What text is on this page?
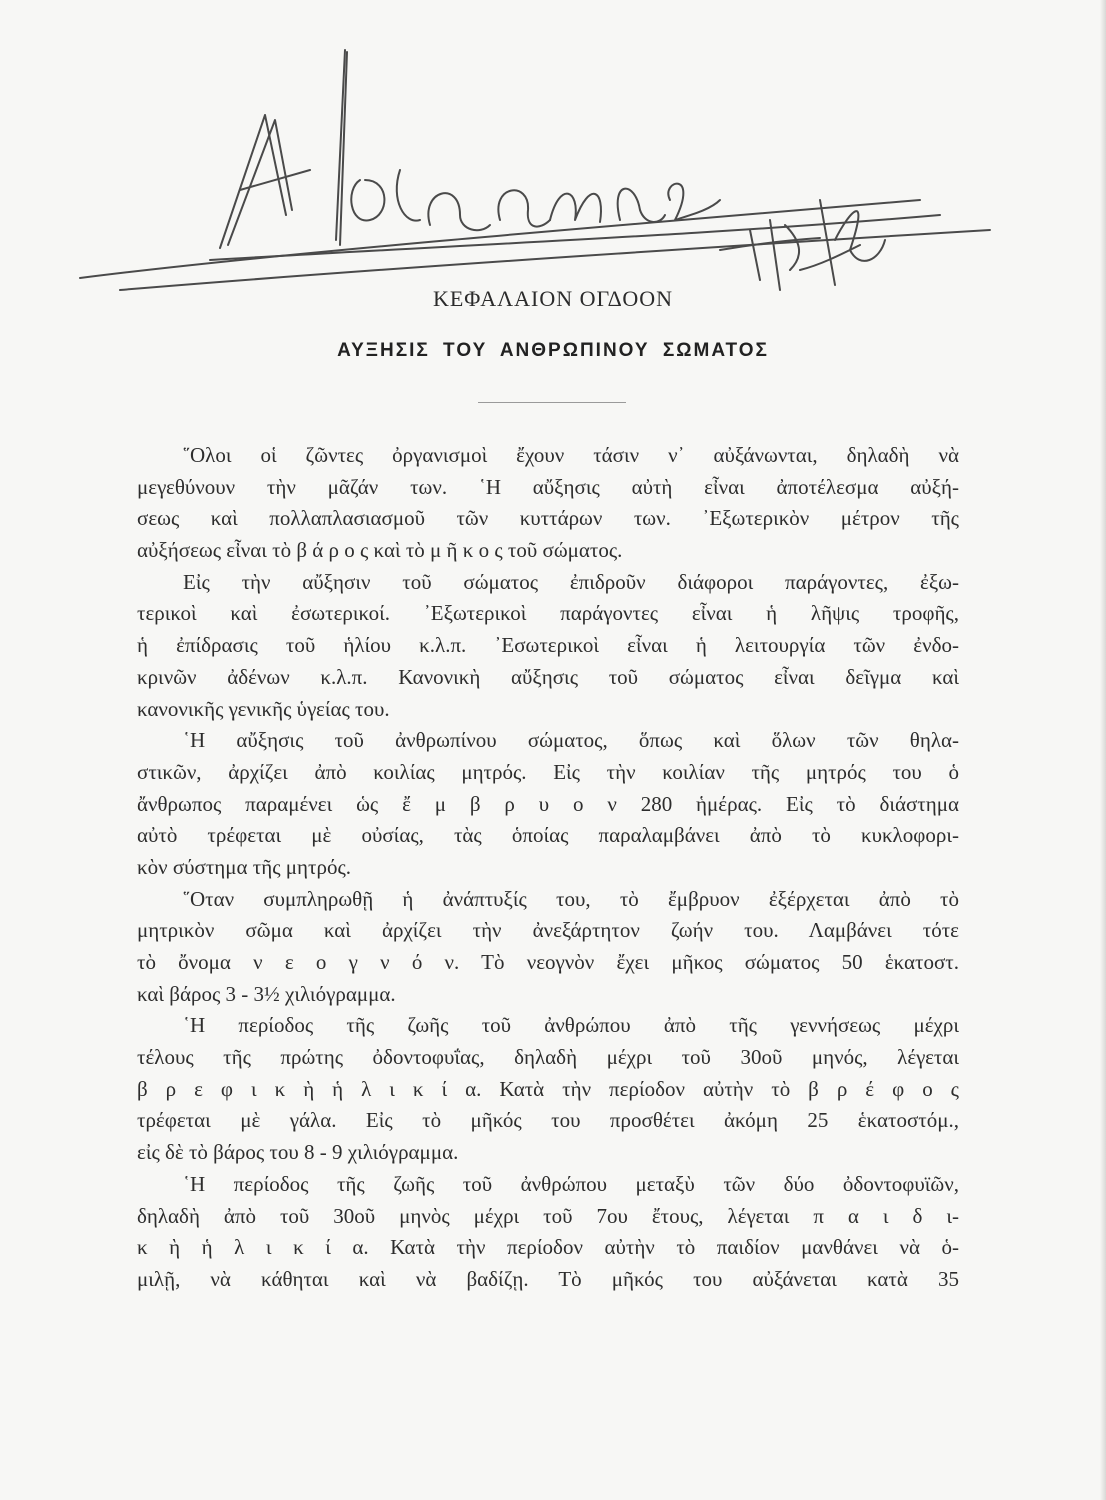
ΚΕΦΑΛΑΙΟΝ ΟΓΔΟΟΝ
ΑΥΞΗΣΙΣ ΤΟΥ ΑΝΘΡΩΠΙΝΟΥ ΣΩΜΑΤΟΣ
῞Ολοι οἱ ζῶντες ὀργανισμοὶ ἔχουν τάσιν ν᾿ αὐξάνωνται, δηλαδὴ νὰ
μεγεθύνουν τὴν μᾶζάν των. ῾Η αὔξησις αὐτὴ εἶναι ἀποτέλεσμα αὐξή-
σεως καὶ πολλαπλασιασμοῦ τῶν κυττάρων των. ᾿Εξωτερικὸν μέτρον τῆς
αὐξήσεως εἶναι τὸ β ά ρ ο ς καὶ τὸ μ ῆ κ ο ς τοῦ σώματος.
Εἰς τὴν αὔξησιν τοῦ σώματος ἐπιδροῦν διάφοροι παράγοντες, ἐξω-
τερικοὶ καὶ ἐσωτερικοί. ᾿Εξωτερικοὶ παράγοντες εἶναι ἡ λῆψις τροφῆς,
ἡ ἐπίδρασις τοῦ ἡλίου κ.λ.π. ᾿Εσωτερικοὶ εἶναι ἡ λειτουργία τῶν ἐνδο-
κρινῶν ἀδένων κ.λ.π. Κανονικὴ αὔξησις τοῦ σώματος εἶναι δεῖγμα καὶ
κανονικῆς γενικῆς ὑγείας του.
῾Η αὔξησις τοῦ ἀνθρωπίνου σώματος, ὅπως καὶ ὅλων τῶν θηλα-
στικῶν, ἀρχίζει ἀπὸ κοιλίας μητρός. Εἰς τὴν κοιλίαν τῆς μητρός του ὁ
ἄνθρωπος παραμένει ὡς ἔ μ β ρ υ ο ν 280 ἡμέρας. Εἰς τὸ διάστημα
αὐτὸ τρέφεται μὲ οὐσίας, τὰς ὁποίας παραλαμβάνει ἀπὸ τὸ κυκλοφορι-
κὸν σύστημα τῆς μητρός.
῞Οταν συμπληρωθῇ ἡ ἀνάπτυξίς του, τὸ ἔμβρυον ἐξέρχεται ἀπὸ τὸ
μητρικὸν σῶμα καὶ ἀρχίζει τὴν ἀνεξάρτητον ζωήν του. Λαμβάνει τότε
τὸ ὄνομα ν ε ο γ ν ό ν. Τὸ νεογνὸν ἔχει μῆκος σώματος 50 ἑκατοστ.
καὶ βάρος 3 - 3½ χιλιόγραμμα.
῾Η περίοδος τῆς ζωῆς τοῦ ἀνθρώπου ἀπὸ τῆς γεννήσεως μέχρι
τέλους τῆς πρώτης ὀδοντοφυΐας, δηλαδὴ μέχρι τοῦ 30οῦ μηνός, λέγεται
β ρ ε φ ι κ ὴ ἡ λ ι κ ί α. Κατὰ τὴν περίοδον αὐτὴν τὸ β ρ έ φ ο ς
τρέφεται μὲ γάλα. Εἰς τὸ μῆκός του προσθέτει ἀκόμη 25 ἑκατοστόμ.,
εἰς δὲ τὸ βάρος του 8 - 9 χιλιόγραμμα.
῾Η περίοδος τῆς ζωῆς τοῦ ἀνθρώπου μεταξὺ τῶν δύο ὀδοντοφυϊῶν,
δηλαδὴ ἀπὸ τοῦ 30οῦ μηνὸς μέχρι τοῦ 7ου ἔτους, λέγεται π α ι δ ι-
κ ὴ ἡ λ ι κ ί α. Κατὰ τὴν περίοδον αὐτὴν τὸ παιδίον μανθάνει νὰ ὁ-
μιλῇ, νὰ κάθηται καὶ νὰ βαδίζῃ. Τὸ μῆκός του αὐξάνεται κατὰ 35
